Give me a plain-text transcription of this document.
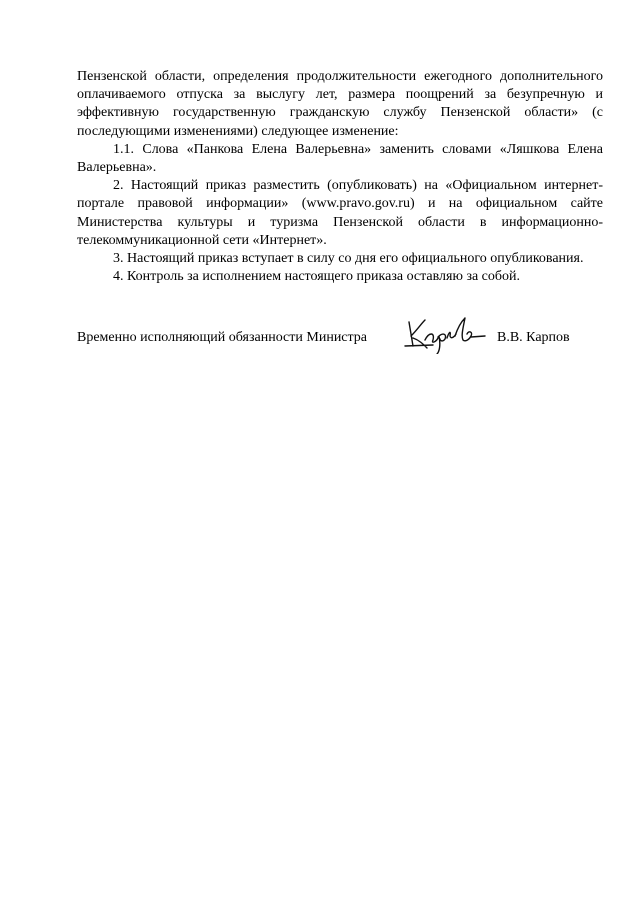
Пензенской области, определения продолжительности ежегодного дополнительного оплачиваемого отпуска за выслугу лет, размера поощрений за безупречную и эффективную государственную гражданскую службу Пензенской области» (с последующими изменениями) следующее изменение:

1.1. Слова «Панкова Елена Валерьевна» заменить словами «Ляшкова Елена Валерьевна».

2. Настоящий приказ разместить (опубликовать) на «Официальном интернет-портале правовой информации» (www.pravo.gov.ru) и на официальном сайте Министерства культуры и туризма Пензенской области в информационно-телекоммуникационной сети «Интернет».

3. Настоящий приказ вступает в силу со дня его официального опубликования.

4. Контроль за исполнением настоящего приказа оставляю за собой.

Временно исполняющий обязанности Министра	В.В. Карпов
